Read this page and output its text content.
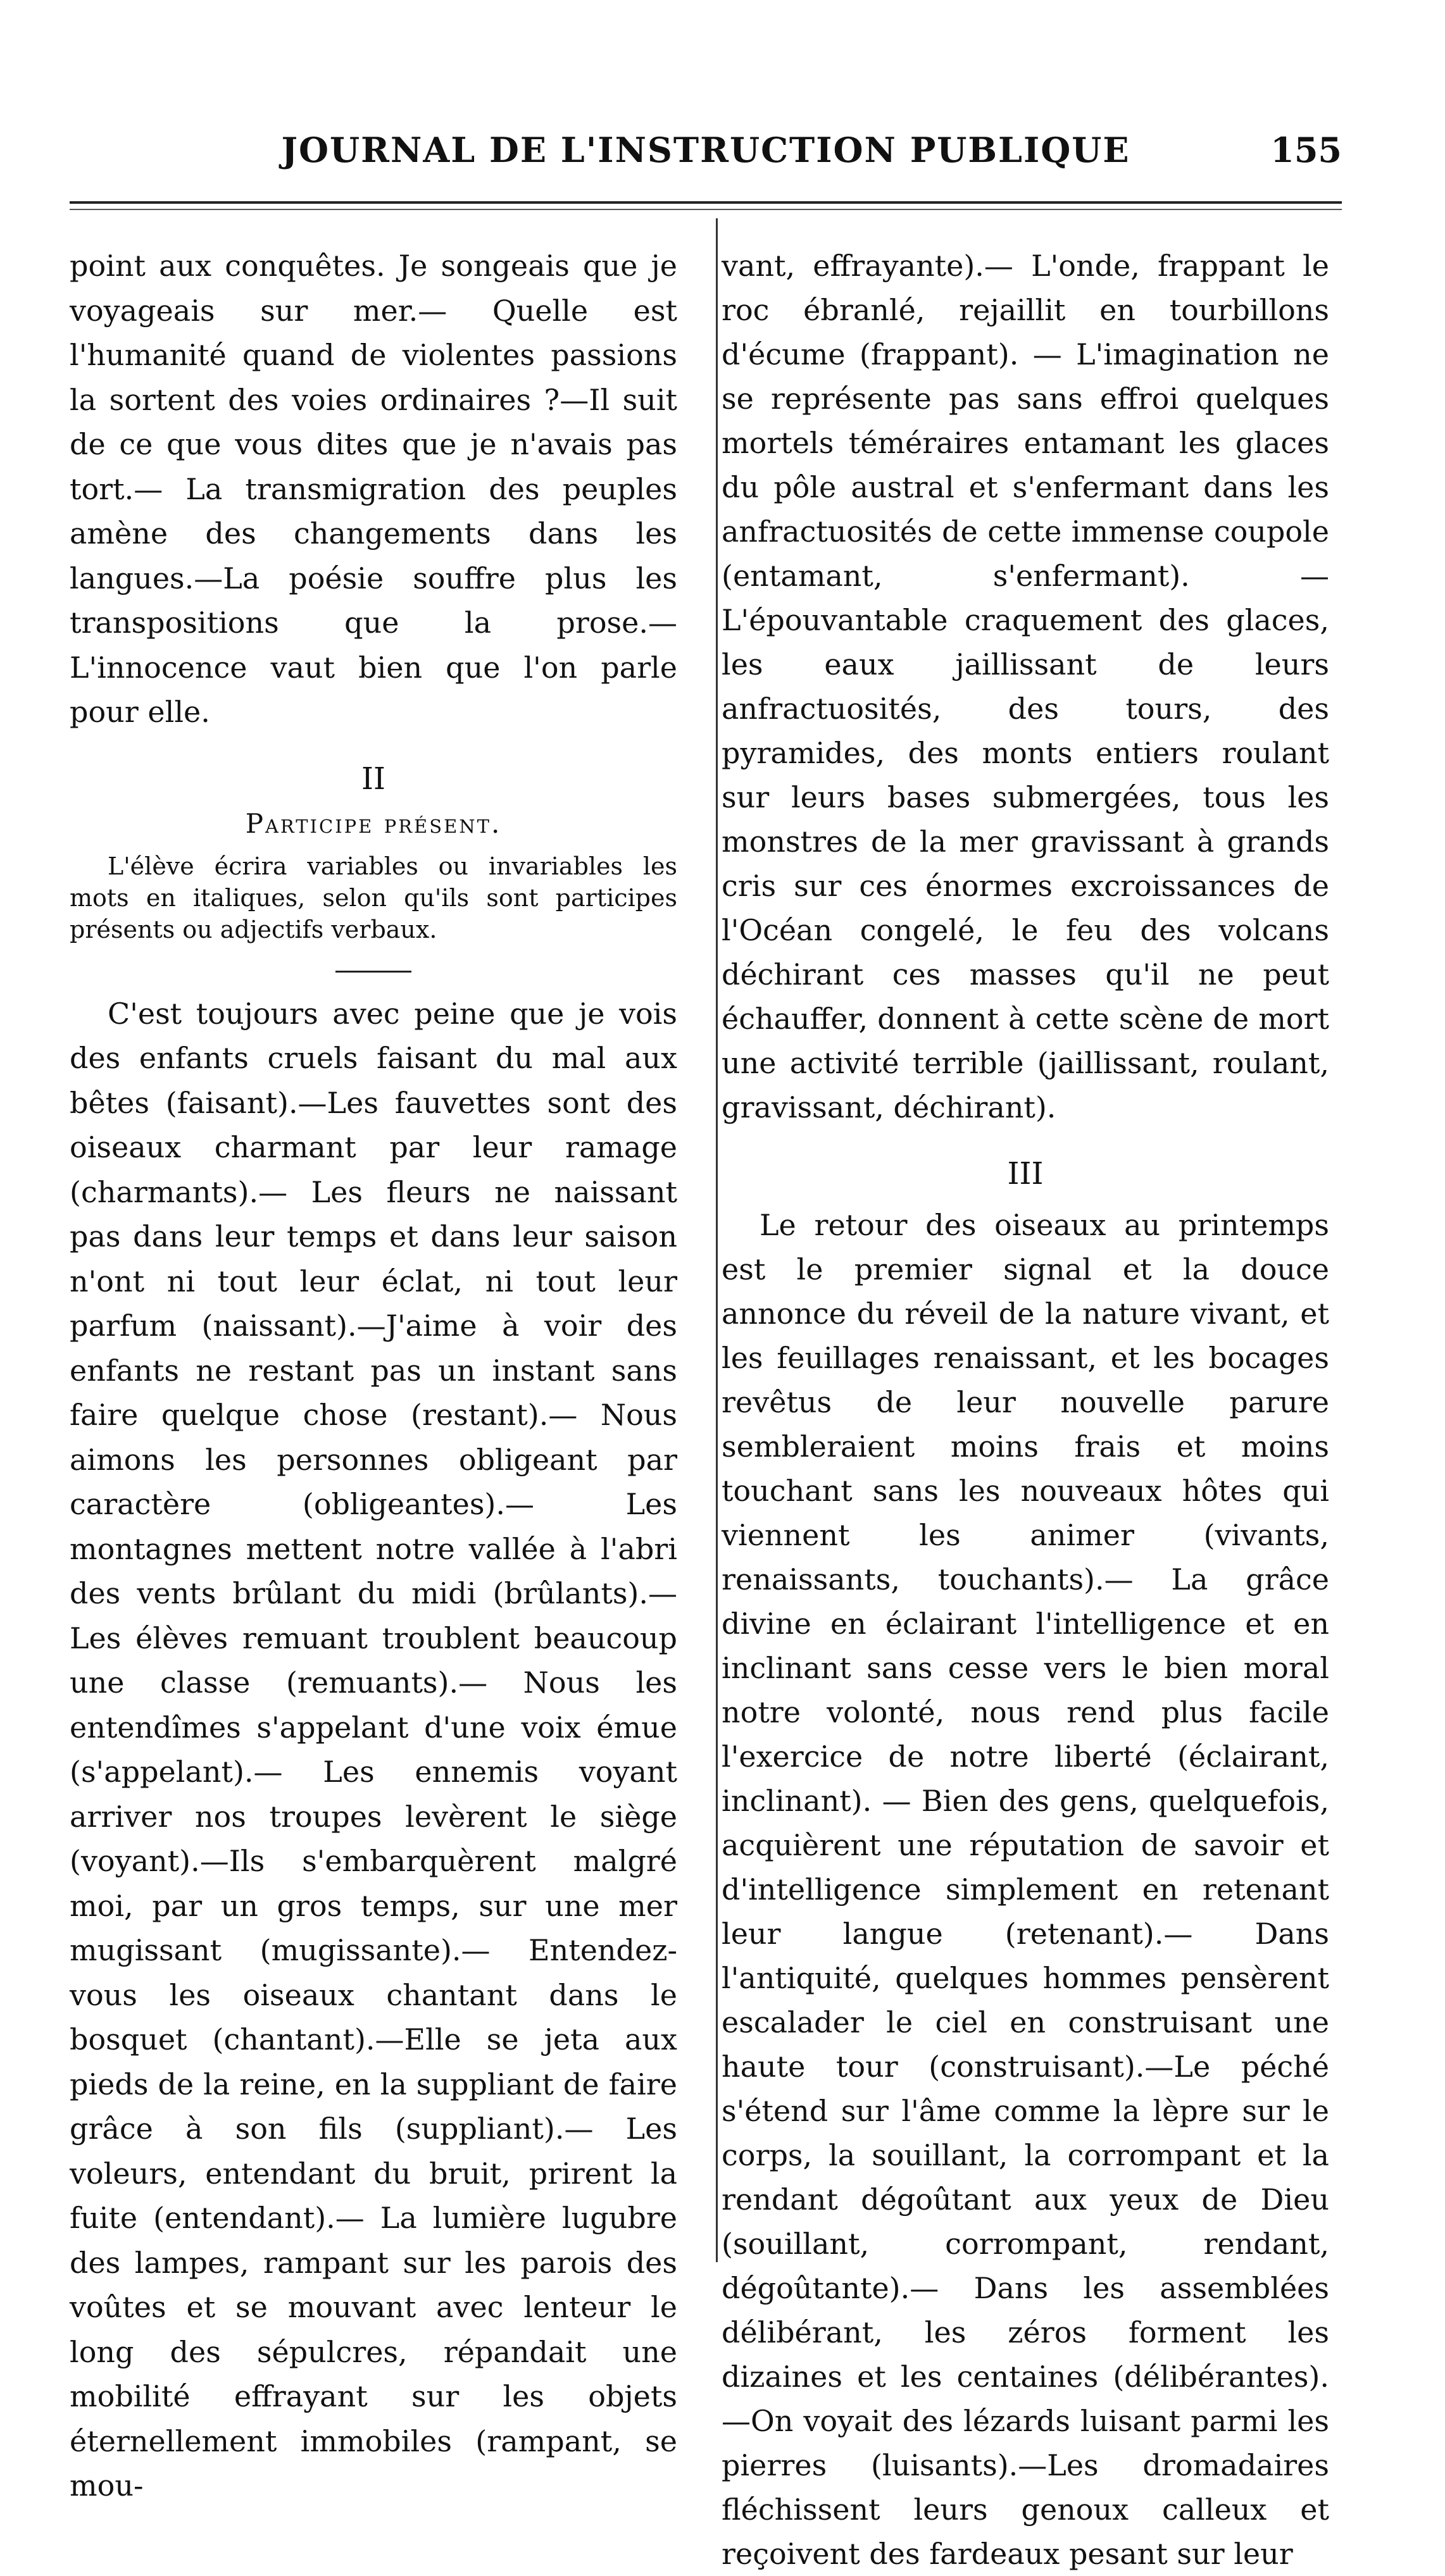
JOURNAL DE L'INSTRUCTION PUBLIQUE	155

point aux conquêtes. Je songeais que je voyageais sur mer.— Quelle est l'humanité quand de violentes passions la sortent des voies ordinaires ?—Il suit de ce que vous dites que je n'avais pas tort.— La transmigration des peuples amène des changements dans les langues.—La poésie souffre plus les transpositions que la prose.—L'innocence vaut bien que l'on parle pour elle.

II
Participe présent.

L'élève écrira variables ou invariables les mots en italiques, selon qu'ils sont participes présents ou adjectifs verbaux.

C'est toujours avec peine que je vois des enfants cruels faisant du mal aux bêtes (faisant).—Les fauvettes sont des oiseaux charmant par leur ramage (charmants).— Les fleurs ne naissant pas dans leur temps et dans leur saison n'ont ni tout leur éclat, ni tout leur parfum (naissant).—J'aime à voir des enfants ne restant pas un instant sans faire quelque chose (restant).— Nous aimons les personnes obligeant par caractère (obligeantes).— Les montagnes mettent notre vallée à l'abri des vents brûlant du midi (brûlants).—Les élèves remuant troublent beaucoup une classe (remuants).— Nous les entendîmes s'appelant d'une voix émue (s'appelant).— Les ennemis voyant arriver nos troupes levèrent le siège (voyant).—Ils s'embarquèrent malgré moi, par un gros temps, sur une mer mugissant (mugissante).— Entendez-vous les oiseaux chantant dans le bosquet (chantant).—Elle se jeta aux pieds de la reine, en la suppliant de faire grâce à son fils (suppliant).— Les voleurs, entendant du bruit, prirent la fuite (entendant).— La lumière lugubre des lampes, rampant sur les parois des voûtes et se mouvant avec lenteur le long des sépulcres, répandait une mobilité effrayant sur les objets éternellement immobiles (rampant, se mou-

vant, effrayante).— L'onde, frappant le roc ébranlé, rejaillit en tourbillons d'écume (frappant). — L'imagination ne se représente pas sans effroi quelques mortels téméraires entamant les glaces du pôle austral et s'enfermant dans les anfractuosités de cette immense coupole (entamant, s'enfermant). — L'épouvantable craquement des glaces, les eaux jaillissant de leurs anfractuosités, des tours, des pyramides, des monts entiers roulant sur leurs bases submergées, tous les monstres de la mer gravissant à grands cris sur ces énormes excroissances de l'Océan congelé, le feu des volcans déchirant ces masses qu'il ne peut échauffer, donnent à cette scène de mort une activité terrible (jaillissant, roulant, gravissant, déchirant).

III

Le retour des oiseaux au printemps est le premier signal et la douce annonce du réveil de la nature vivant, et les feuillages renaissant, et les bocages revêtus de leur nouvelle parure sembleraient moins frais et moins touchant sans les nouveaux hôtes qui viennent les animer (vivants, renaissants, touchants).— La grâce divine en éclairant l'intelligence et en inclinant sans cesse vers le bien moral notre volonté, nous rend plus facile l'exercice de notre liberté (éclairant, inclinant). — Bien des gens, quelquefois, acquièrent une réputation de savoir et d'intelligence simplement en retenant leur langue (retenant).— Dans l'antiquité, quelques hommes pensèrent escalader le ciel en construisant une haute tour (construisant).—Le péché s'étend sur l'âme comme la lèpre sur le corps, la souillant, la corrompant et la rendant dégoûtant aux yeux de Dieu (souillant, corrompant, rendant, dégoûtante).— Dans les assemblées délibérant, les zéros forment les dizaines et les centaines (délibérantes).—On voyait des lézards luisant parmi les pierres (luisants).—Les dromadaires fléchissent leurs genoux calleux et reçoivent des fardeaux pesant sur leur
